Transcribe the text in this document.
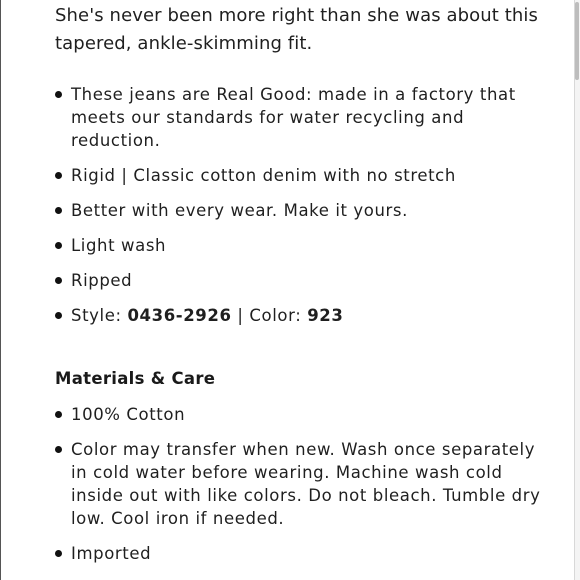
She's never been more right than she was about this tapered, ankle-skimming fit.

These jeans are Real Good: made in a factory that meets our standards for water recycling and reduction.
Rigid | Classic cotton denim with no stretch
Better with every wear. Make it yours.
Light wash
Ripped
Style: 0436-2926 | Color: 923
Materials & Care
100% Cotton
Color may transfer when new. Wash once separately in cold water before wearing. Machine wash cold inside out with like colors. Do not bleach. Tumble dry low. Cool iron if needed.
Imported
